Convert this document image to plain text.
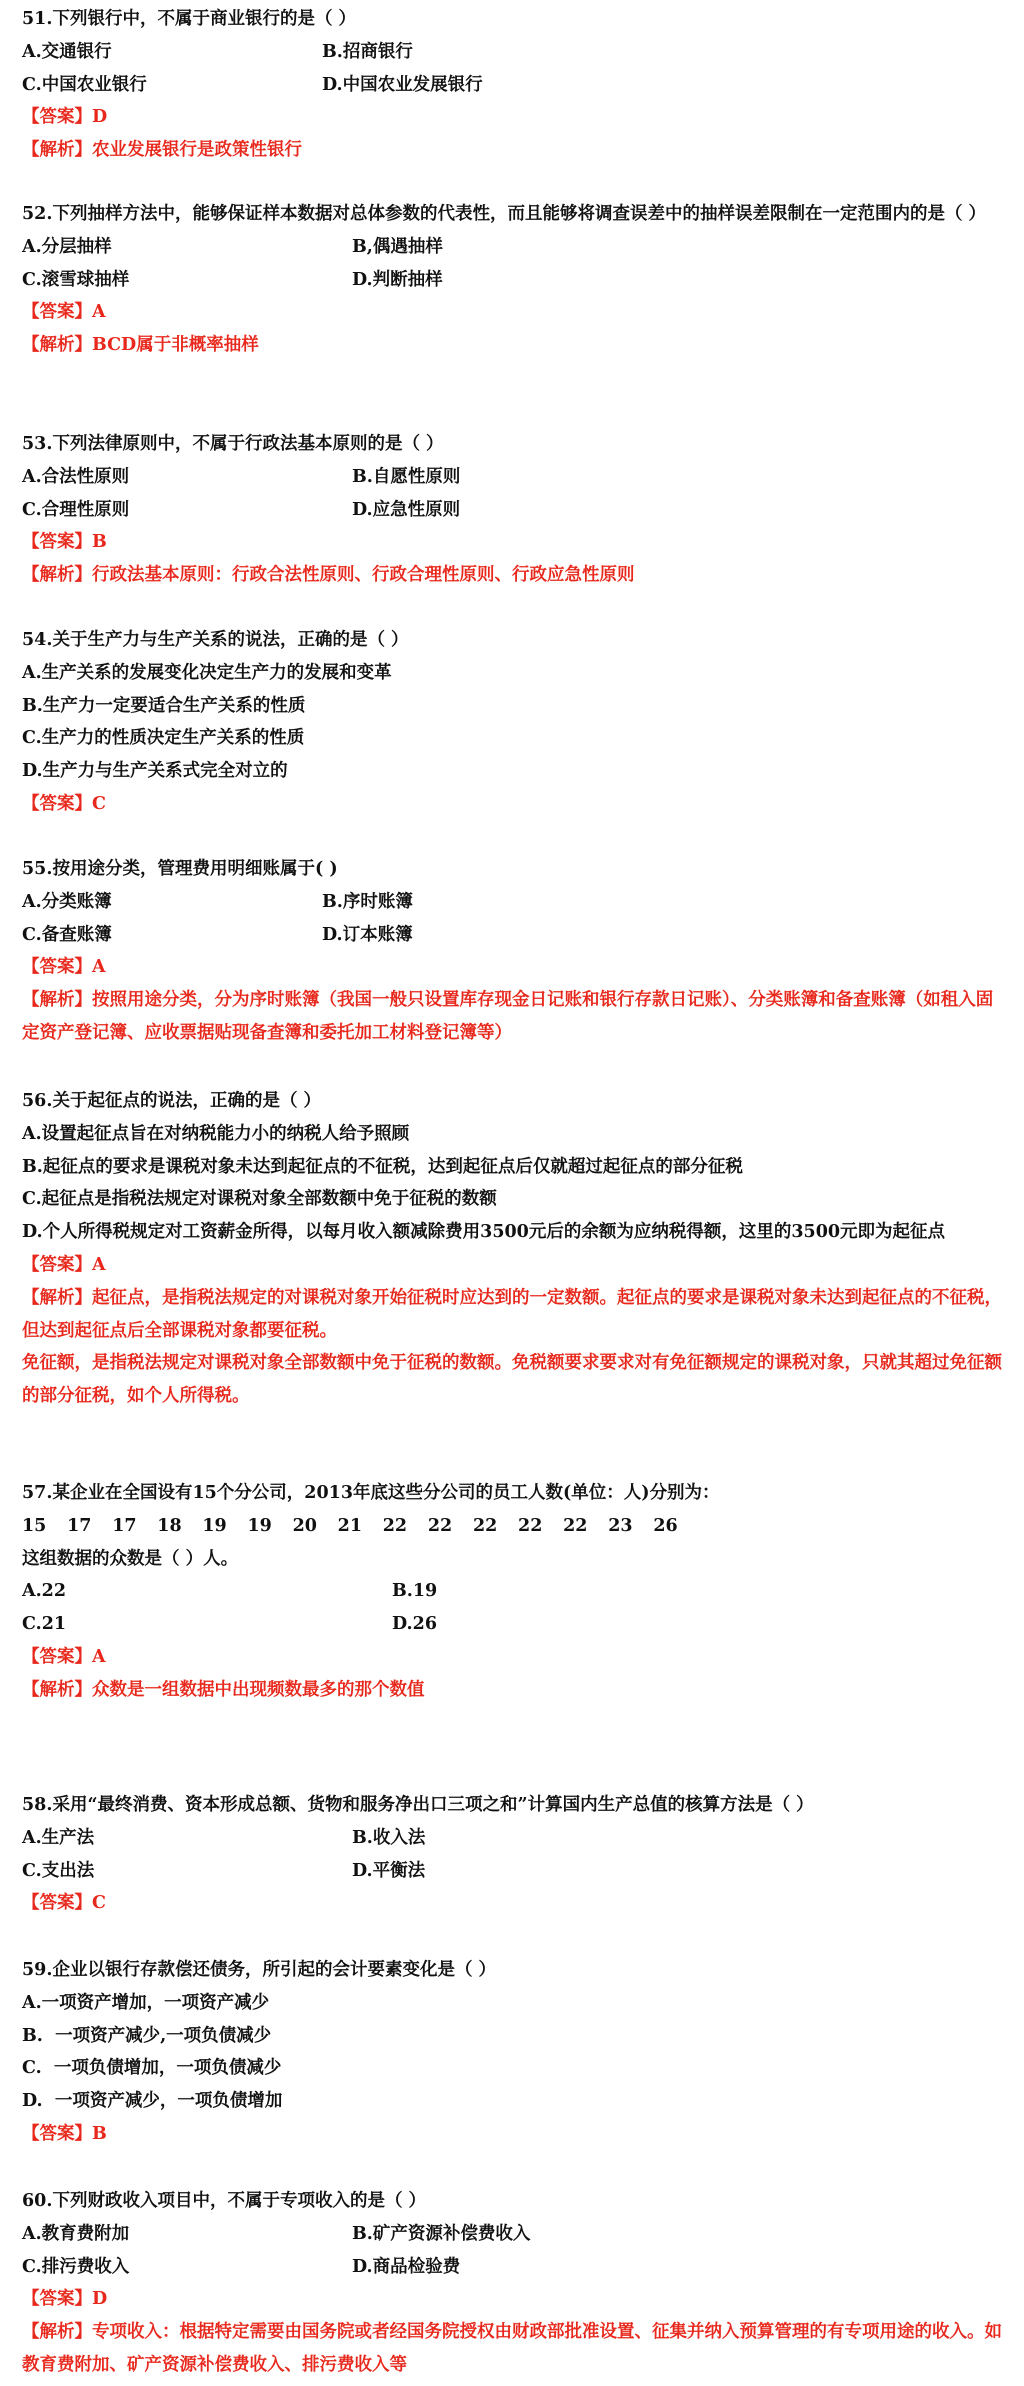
51.下列银行中，不属于商业银行的是（ ）
A.交通银行	B.招商银行
C.中国农业银行	D.中国农业发展银行
【答案】D
【解析】农业发展银行是政策性银行
52.下列抽样方法中，能够保证样本数据对总体参数的代表性，而且能够将调查误差中的抽样误差限制在一定范围内的是（ ）
A.分层抽样	B,偶遇抽样
C.滚雪球抽样	D.判断抽样
【答案】A
【解析】BCD属于非概率抽样
53.下列法律原则中，不属于行政法基本原则的是（ ）
A.合法性原则	B.自愿性原则
C.合理性原则	D.应急性原则
【答案】B
【解析】行政法基本原则：行政合法性原则、行政合理性原则、行政应急性原则
54.关于生产力与生产关系的说法，正确的是（ ）
A.生产关系的发展变化决定生产力的发展和变革
B.生产力一定要适合生产关系的性质
C.生产力的性质决定生产关系的性质
D.生产力与生产关系式完全对立的
【答案】C
55.按用途分类，管理费用明细账属于( )
A.分类账簿	B.序时账簿
C.备查账簿	D.订本账簿
【答案】A
【解析】按照用途分类，分为序时账簿（我国一般只设置库存现金日记账和银行存款日记账）、分类账簿和备查账簿（如租入固定资产登记簿、应收票据贴现备查簿和委托加工材料登记簿等）
56.关于起征点的说法，正确的是（ ）
A.设置起征点旨在对纳税能力小的纳税人给予照顾
B.起征点的要求是课税对象未达到起征点的不征税，达到起征点后仅就超过起征点的部分征税
C.起征点是指税法规定对课税对象全部数额中免于征税的数额
D.个人所得税规定对工资薪金所得，以每月收入额减除费用3500元后的余额为应纳税得额，这里的3500元即为起征点
【答案】A
【解析】起征点，是指税法规定的对课税对象开始征税时应达到的一定数额。起征点的要求是课税对象未达到起征点的不征税，但达到起征点后全部课税对象都要征税。
免征额，是指税法规定对课税对象全部数额中免于征税的数额。免税额要求要求对有免征额规定的课税对象，只就其超过免征额的部分征税，如个人所得税。
57.某企业在全国设有15个分公司，2013年底这些分公司的员工人数(单位：人)分别为：
15 17 17 18 19 19 20 21 22 22 22 22 22 23 26
这组数据的众数是（ ）人。
A.22	B.19
C.21	D.26
【答案】A
【解析】众数是一组数据中出现频数最多的那个数值
58.采用“最终消费、资本形成总额、货物和服务净出口三项之和”计算国内生产总值的核算方法是（ ）
A.生产法	B.收入法
C.支出法	D.平衡法
【答案】C
59.企业以银行存款偿还债务，所引起的会计要素变化是（ ）
A.一项资产增加，一项资产减少
B.  一项资产减少,一项负债减少
C.  一项负债增加，一项负债减少
D.  一项资产减少，一项负债增加
【答案】B
60.下列财政收入项目中，不属于专项收入的是（ ）
A.教育费附加	B.矿产资源补偿费收入
C.排污费收入	D.商品检验费
【答案】D
【解析】专项收入：根据特定需要由国务院或者经国务院授权由财政部批准设置、征集并纳入预算管理的有专项用途的收入。如教育费附加、矿产资源补偿费收入、排污费收入等
